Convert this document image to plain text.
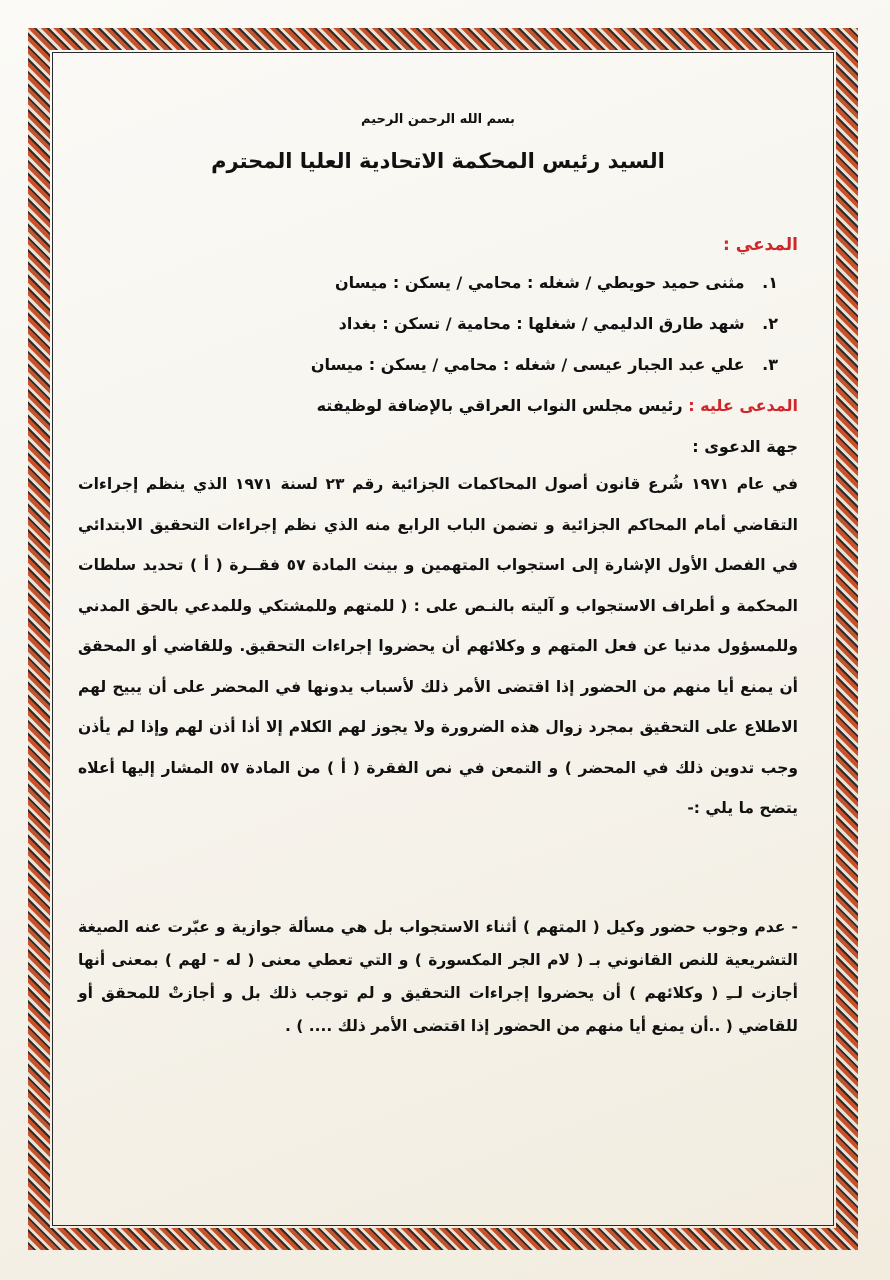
بسم الله الرحمن الرحيم
السيد رئيس المحكمة الاتحادية العليا المحترم
المدعي :
١. مثنى حميد حويطي / شغله : محامي / يسكن : ميسان
٢. شهد طارق الدليمي / شغلها : محامية / تسكن : بغداد
٣. علي عبد الجبار عيسى / شغله : محامي / يسكن : ميسان
المدعى عليه : رئيس مجلس النواب العراقي بالإضافة لوظيفته
جهة الدعوى :

في عام ١٩٧١ شُرع قانون أصول المحاكمات الجزائية رقم ٢٣ لسنة ١٩٧١ الذي ينظم إجراءات التقاضي أمام المحاكم الجزائية و تضمن الباب الرابع منه الذي نظم إجراءات التحقيق الابتدائي في الفصل الأول الإشارة إلى استجواب المتهمين و بينت المادة ٥٧ فقــرة ( أ ) تحديد سلطات المحكمة و أطراف الاستجواب و آليته بالنـص على : ( للمتهم وللمشتكي وللمدعي بالحق المدني وللمسؤول مدنيا عن فعل المتهم و وكلائهم أن يحضروا إجراءات التحقيق. وللقاضي أو المحقق أن يمنع أيا منهم من الحضور إذا اقتضى الأمر ذلك لأسباب يدونها في المحضر على أن يبيح لهم الاطلاع على التحقيق بمجرد زوال هذه الضرورة ولا يجوز لهم الكلام إلا أذا أذن لهم وإذا لم يأذن وجب تدوين ذلك في المحضر ) و التمعن في نص الفقرة ( أ ) من المادة ٥٧ المشار إليها أعلاه يتضح ما يلي :-

- عدم وجوب حضور وكيل ( المتهم ) أثناء الاستجواب بل هي مسألة جوازية و عبّرت عنه الصيغة التشريعية للنص القانوني بـ ( لام الجر المكسورة ) و التي تعطي معنى ( له - لهم ) بمعنى أنها أجازت لــِ ( وكلائهم ) أن يحضروا إجراءات التحقيق و لم توجب ذلك بل و أجازتْ للمحقق أو للقاضي ( ..أن يمنع أيا منهم من الحضور إذا اقتضى الأمر ذلك .... ) .
